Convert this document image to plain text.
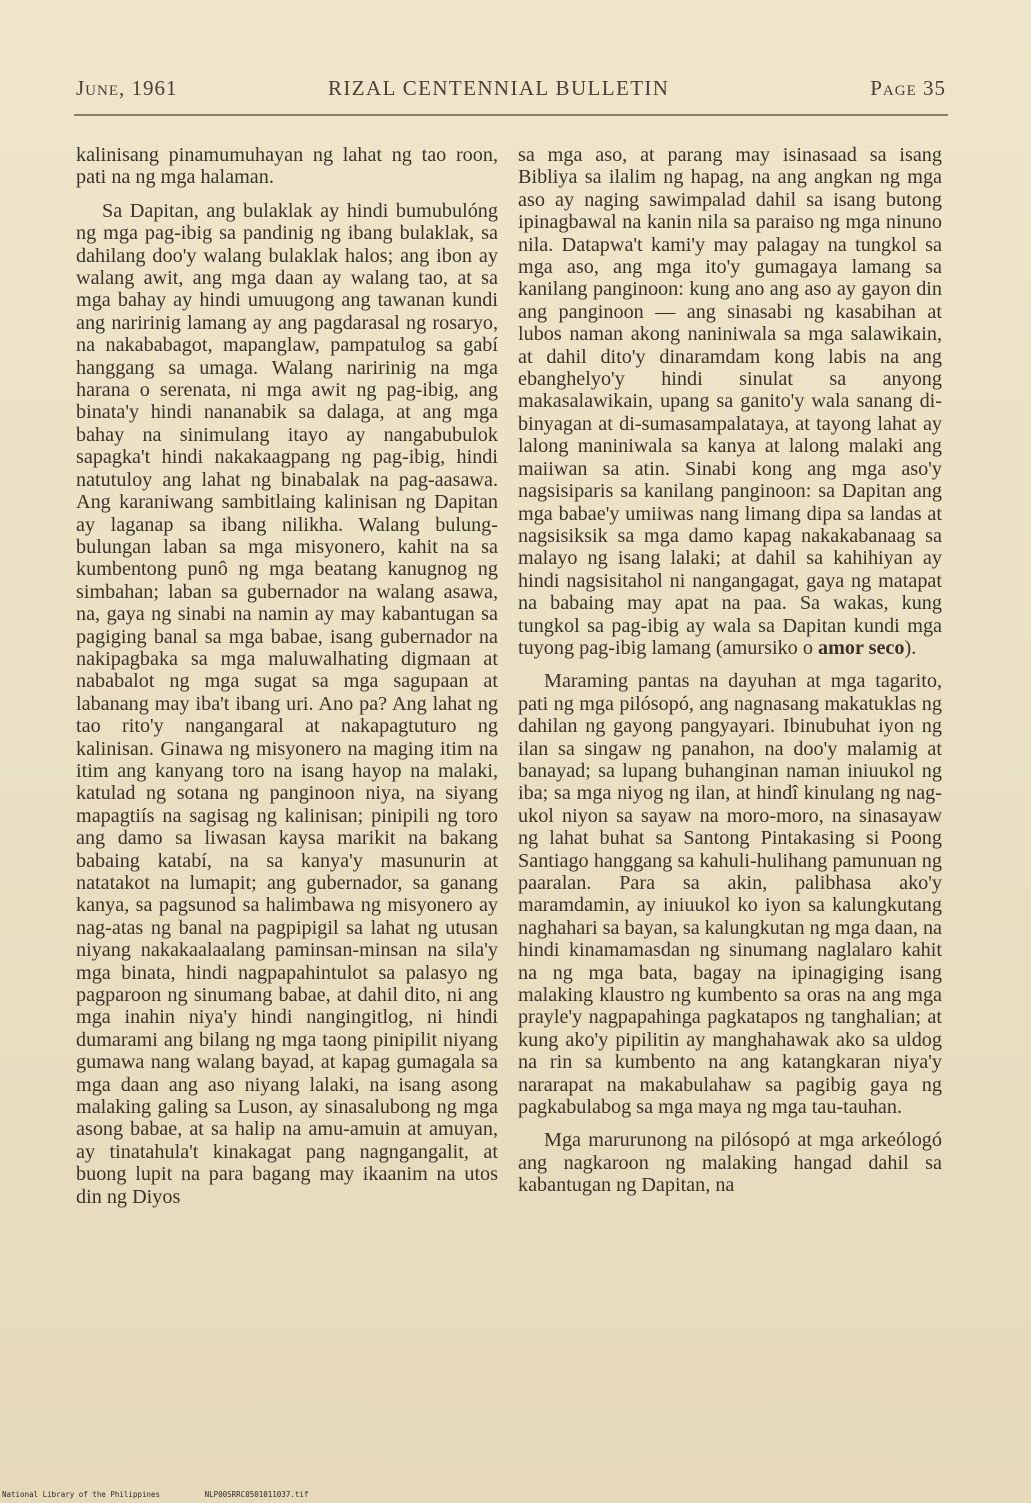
June, 1961	RIZAL CENTENNIAL BULLETIN	Page 35

kalinisang pinamumuhayan ng lahat ng tao roon, pati na ng mga halaman.

Sa Dapitan, ang bulaklak ay hindi bumubulóng ng mga pag-ibig sa pandinig ng ibang bulaklak, sa dahilang doo'y walang bulaklak halos; ang ibon ay walang awit, ang mga daan ay walang tao, at sa mga bahay ay hindi umuugong ang tawanan kundi ang naririnig lamang ay ang pagdarasal ng rosaryo, na nakababagot, mapanglaw, pampatulog sa gabí hanggang sa umaga. Walang naririnig na mga harana o serenata, ni mga awit ng pag-ibig, ang binata'y hindi nananabik sa dalaga, at ang mga bahay na sinimulang itayo ay nangabubulok sapagka't hindi nakakaagpang ng pag-ibig, hindi natutuloy ang lahat ng binabalak na pag-aasawa. Ang karaniwang sambitlaing kalinisan ng Dapitan ay laganap sa ibang nilikha. Walang bulung-bulungan laban sa mga misyonero, kahit na sa kumbentong punô ng mga beatang kanugnog ng simbahan; laban sa gubernador na walang asawa, na, gaya ng sinabi na namin ay may kabantugan sa pagiging banal sa mga babae, isang gubernador na nakipagbaka sa mga maluwalhating digmaan at nababalot ng mga sugat sa mga sagupaan at labanang may iba't ibang uri. Ano pa? Ang lahat ng tao rito'y nangangaral at nakapagtuturo ng kalinisan. Ginawa ng misyonero na maging itim na itim ang kanyang toro na isang hayop na malaki, katulad ng sotana ng panginoon niya, na siyang mapagtiís na sagisag ng kalinisan; pinipili ng toro ang damo sa liwasan kaysa marikit na bakang babaing katabí, na sa kanya'y masunurin at natatakot na lumapit; ang gubernador, sa ganang kanya, sa pagsunod sa halimbawa ng misyonero ay nag-atas ng banal na pagpipigil sa lahat ng utusan niyang nakakaalaalang paminsan-minsan na sila'y mga binata, hindi nagpapahintulot sa palasyo ng pagparoon ng sinumang babae, at dahil dito, ni ang mga inahin niya'y hindi nangingitlog, ni hindi dumarami ang bilang ng mga taong pinipilit niyang gumawa nang walang bayad, at kapag gumagala sa mga daan ang aso niyang lalaki, na isang asong malaking galing sa Luson, ay sinasalubong ng mga asong babae, at sa halip na amu-amuin at amuyan, ay tinatahula't kinakagat pang nagngangalit, at buong lupit na para bagang may ikaanim na utos din ng Diyos

sa mga aso, at parang may isinasaad sa isang Bibliya sa ilalim ng hapag, na ang angkan ng mga aso ay naging sawimpalad dahil sa isang butong ipinagbawal na kanin nila sa paraiso ng mga ninuno nila. Datapwa't kami'y may palagay na tungkol sa mga aso, ang mga ito'y gumagaya lamang sa kanilang panginoon: kung ano ang aso ay gayon din ang panginoon — ang sinasabi ng kasabihan at lubos naman akong naniniwala sa mga salawikain, at dahil dito'y dinaramdam kong labis na ang ebanghelyo'y hindi sinulat sa anyong makasalawikain, upang sa ganito'y wala sanang di-binyagan at di-sumasampalataya, at tayong lahat ay lalong maniniwala sa kanya at lalong malaki ang maiiwan sa atin. Sinabi kong ang mga aso'y nagsisiparis sa kanilang panginoon: sa Dapitan ang mga babae'y umiiwas nang limang dipa sa landas at nagsisiksik sa mga damo kapag nakakabanaag sa malayo ng isang lalaki; at dahil sa kahihiyan ay hindi nagsisitahol ni nangangagat, gaya ng matapat na babaing may apat na paa. Sa wakas, kung tungkol sa pag-ibig ay wala sa Dapitan kundi mga tuyong pag-ibig lamang (amursiko o amor seco).

Maraming pantas na dayuhan at mga tagarito, pati ng mga pilósopó, ang nagnasang makatuklas ng dahilan ng gayong pangyayari. Ibinubuhat iyon ng ilan sa singaw ng panahon, na doo'y malamig at banayad; sa lupang buhanginan naman iniuukol ng iba; sa mga niyog ng ilan, at hindî kinulang ng nag-ukol niyon sa sayaw na moro-moro, na sinasayaw ng lahat buhat sa Santong Pintakasing si Poong Santiago hanggang sa kahuli-hulihang pamunuan ng paaralan. Para sa akin, palibhasa ako'y maramdamin, ay iniuukol ko iyon sa kalungkutang naghahari sa bayan, sa kalungkutan ng mga daan, na hindi kinamamasdan ng sinumang naglalaro kahit na ng mga bata, bagay na ipinagiging isang malaking klaustro ng kumbento sa oras na ang mga prayle'y nagpapahinga pagkatapos ng tanghalian; at kung ako'y pipilitin ay manghahawak ako sa uldog na rin sa kumbento na ang katangkaran niya'y nararapat na makabulahaw sa pagibig gaya ng pagkabulabog sa mga maya ng mga tau-tauhan.

Mga marurunong na pilósopó at mga arkeólogó ang nagkaroon ng malaking hangad dahil sa kabantugan ng Dapitan, na

National Library of the Philippines	NLP00SRRC0501011037.tif
